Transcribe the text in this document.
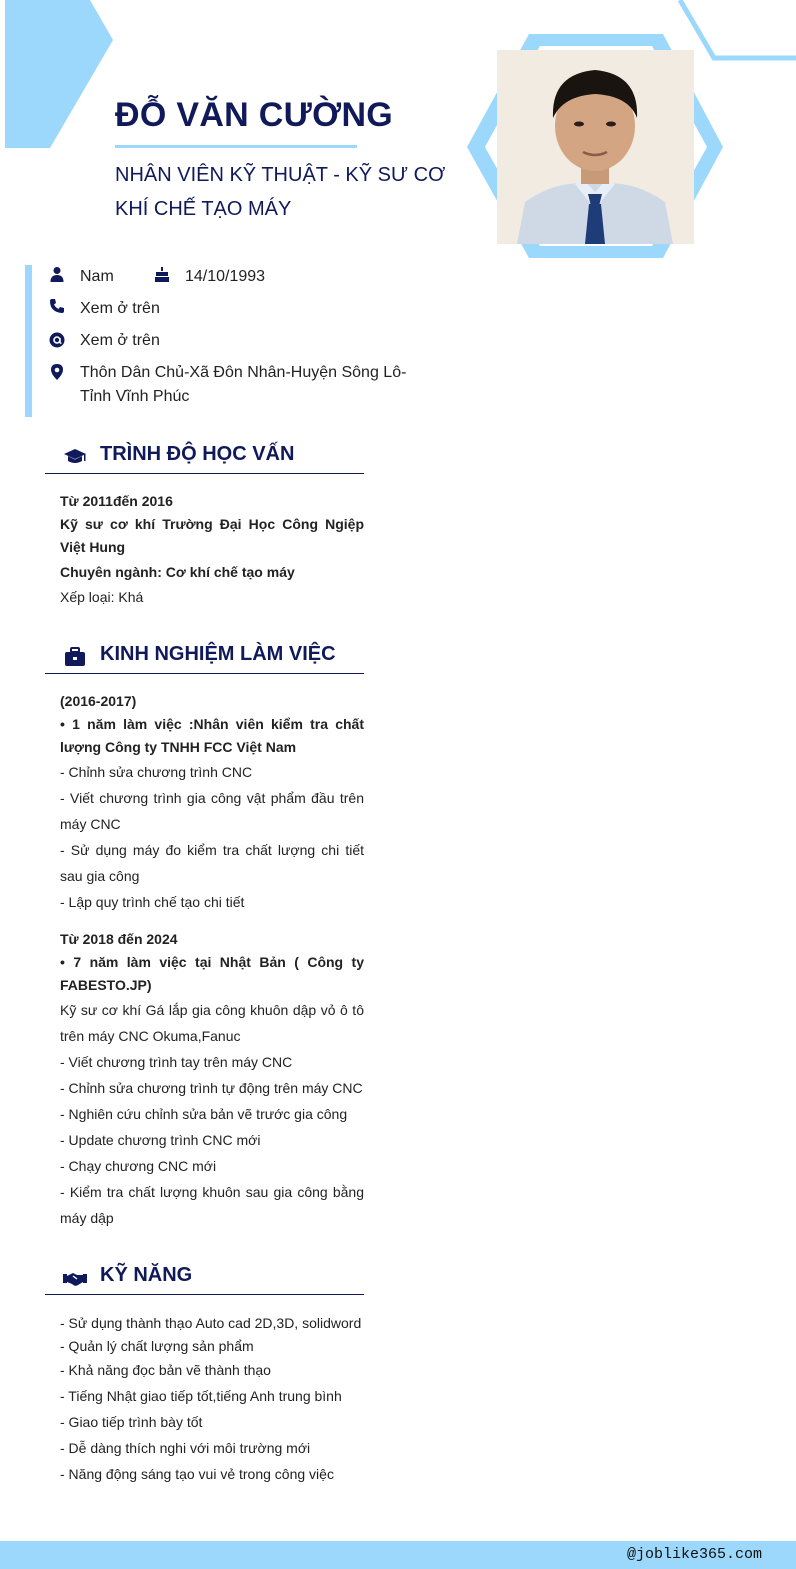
ĐỖ VĂN CƯỜNG
NHÂN VIÊN KỸ THUẬT - KỸ SƯ CƠ KHÍ CHẾ TẠO MÁY
Nam	14/10/1993
Xem ở trên
Xem ở trên
Thôn Dân Chủ-Xã Đôn Nhân-Huyện Sông Lô-Tỉnh Vĩnh Phúc
TRÌNH ĐỘ HỌC VẤN
Từ 2011đến 2016
Kỹ sư cơ khí Trường Đại Học Công Ngiệp Việt Hung
Chuyên ngành: Cơ khí chế tạo máy
Xếp loại: Khá
KINH NGHIỆM LÀM VIỆC
(2016-2017)
• 1 năm làm việc :Nhân viên kiểm tra chất lượng Công ty TNHH FCC Việt Nam
- Chỉnh sửa chương trình CNC
- Viết chương trình gia công vật phẩm đầu trên máy CNC
- Sử dụng máy đo kiểm tra chất lượng chi tiết sau gia công
- Lập quy trình chế tạo chi tiết
Từ 2018 đến 2024
• 7 năm làm việc tại Nhật Bản ( Công ty FABESTO.JP)
Kỹ sư cơ khí Gá lắp gia công khuôn dập vỏ ô tô trên máy CNC Okuma,Fanuc
- Viết chương trình tay trên máy CNC
- Chỉnh sửa chương trình tự động trên máy CNC
- Nghiên cứu chỉnh sửa bản vẽ trước gia công
- Update chương trình CNC mới
- Chạy chương CNC mới
- Kiểm tra chất lượng khuôn sau gia công bằng máy dập
KỸ NĂNG
- Sử dụng thành thạo Auto cad 2D,3D, solidword
- Quản lý chất lượng sản phẩm
- Khả năng đọc bản vẽ thành thạo
- Tiếng Nhật giao tiếp tốt,tiếng Anh trung bình
- Giao tiếp trình bày tốt
- Dễ dàng thích nghi với môi trường mới
- Năng động sáng tạo vui vẻ trong công việc
@joblike365.com
